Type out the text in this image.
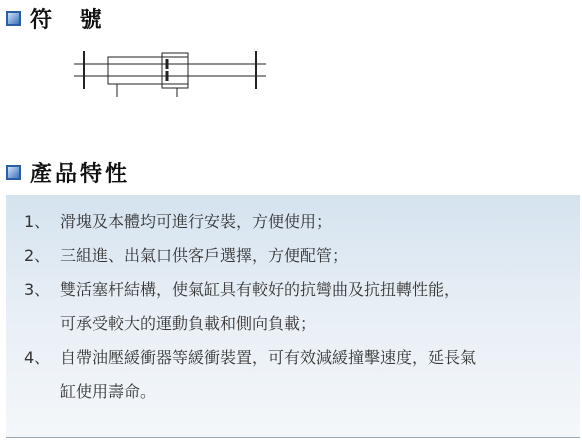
符 號
產品特性
1、 滑塊及本體均可進行安裝，方便使用；
2、 三組進、出氣口供客戶選擇，方便配管；
3、 雙活塞杆結構，使氣缸具有較好的抗彎曲及抗扭轉性能，
可承受較大的運動負載和側向負載；
4、 自帶油壓緩衝器等緩衝裝置，可有效減緩撞擊速度，延長氣
缸使用壽命。
